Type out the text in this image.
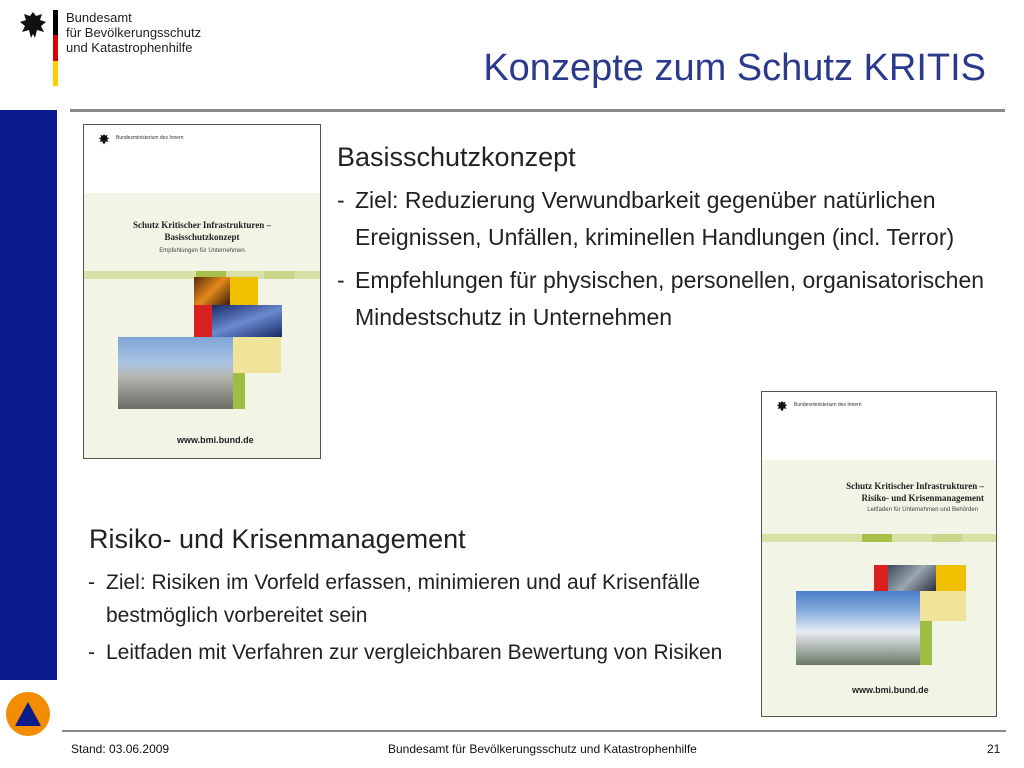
Bundesamt
für Bevölkerungsschutz
und Katastrophenhilfe	Konzepte zum Schutz KRITIS
Bundesministerium des Innern
Schutz Kritischer Infrastrukturen –
Basisschutzkonzept
Empfehlungen für Unternehmen
www.bmi.bund.de
Basisschutzkonzept
- Ziel: Reduzierung Verwundbarkeit gegenüber natürlichen Ereignissen, Unfällen, kriminellen Handlungen (incl. Terror)
- Empfehlungen für physischen, personellen, organisatorischen Mindestschutz in Unternehmen
Bundesministerium des Innern
Schutz Kritischer Infrastrukturen –
Risiko- und Krisenmanagement
Leitfaden für Unternehmen und Behörden
www.bmi.bund.de
Risiko- und Krisenmanagement
- Ziel: Risiken im Vorfeld erfassen, minimieren und auf Krisenfälle bestmöglich vorbereitet sein
- Leitfaden mit Verfahren zur vergleichbaren Bewertung von Risiken
Stand: 03.06.2009	Bundesamt für Bevölkerungsschutz und Katastrophenhilfe	21
